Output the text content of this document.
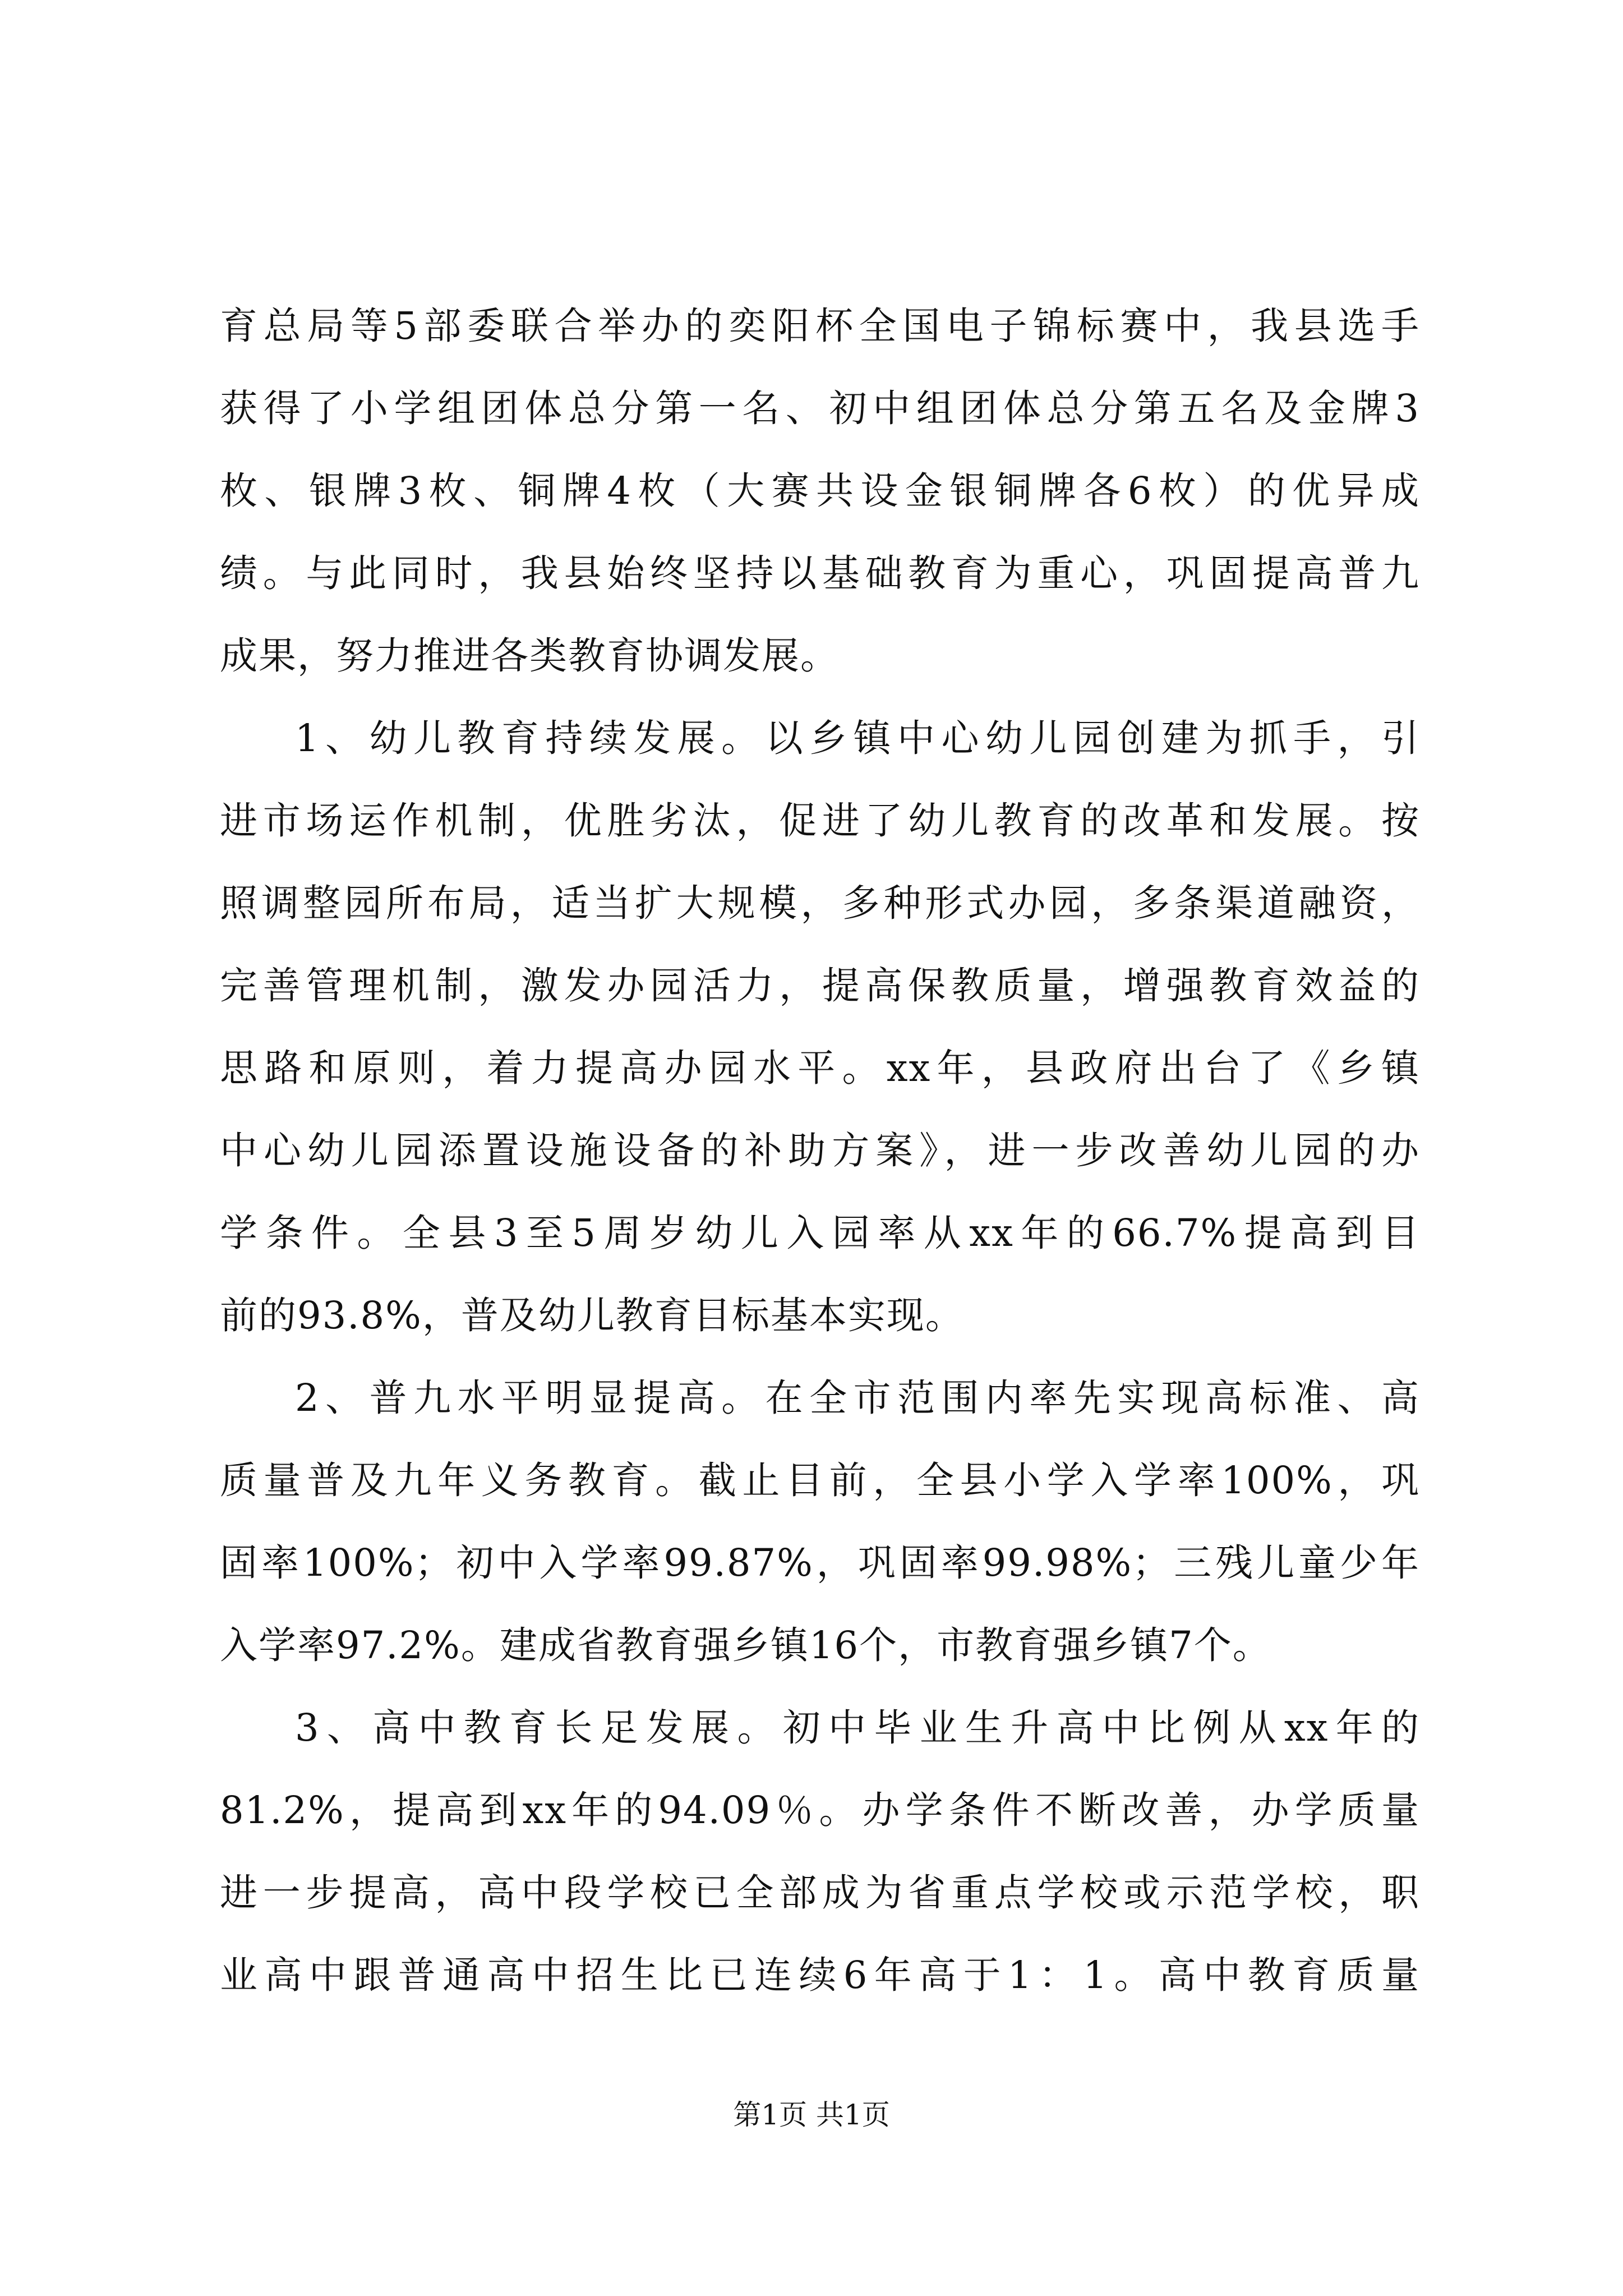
育总局等5部委联合举办的奕阳杯全国电子锦标赛中，我县选手
获得了小学组团体总分第一名、初中组团体总分第五名及金牌3
枚、银牌3枚、铜牌4枚（大赛共设金银铜牌各6枚）的优异成
绩。与此同时，我县始终坚持以基础教育为重心，巩固提高普九
成果，努力推进各类教育协调发展。
1、幼儿教育持续发展。以乡镇中心幼儿园创建为抓手，引
进市场运作机制，优胜劣汰，促进了幼儿教育的改革和发展。按
照调整园所布局，适当扩大规模，多种形式办园，多条渠道融资，
完善管理机制，激发办园活力，提高保教质量，增强教育效益的
思路和原则，着力提高办园水平。xx年，县政府出台了《乡镇
中心幼儿园添置设施设备的补助方案》，进一步改善幼儿园的办
学条件。全县3至5周岁幼儿入园率从xx年的66.7%提高到目
前的93.8%，普及幼儿教育目标基本实现。
2、普九水平明显提高。在全市范围内率先实现高标准、高
质量普及九年义务教育。截止目前，全县小学入学率100%，巩
固率100%；初中入学率99.87%，巩固率99.98%；三残儿童少年
入学率97.2%。建成省教育强乡镇16个，市教育强乡镇7个。
3、高中教育长足发展。初中毕业生升高中比例从xx年的
81.2%，提高到xx年的94.09％。办学条件不断改善，办学质量
进一步提高，高中段学校已全部成为省重点学校或示范学校，职
业高中跟普通高中招生比已连续6年高于1：1。高中教育质量
第1页 共1页
